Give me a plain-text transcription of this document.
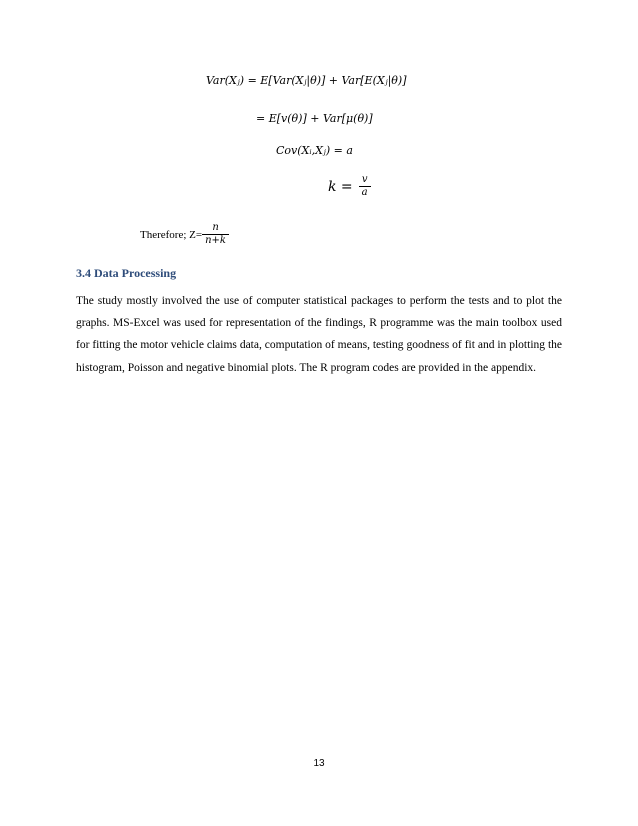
Var(Xⱼ) = E[Var(Xⱼ|θ)] + Var[E(Xⱼ|θ)]
= E[v(θ)] + Var[μ(θ)]
Cov(Xᵢ,Xⱼ) = a
$k = \frac{v}{a}$
Therefore; $Z= \frac{n}{n+k}$
3.4 Data Processing

The study mostly involved the use of computer statistical packages to perform the tests and to plot the graphs. MS-Excel was used for representation of the findings, R programme was the main toolbox used for fitting the motor vehicle claims data, computation of means, testing goodness of fit and in plotting the histogram, Poisson and negative binomial plots. The R program codes are provided in the appendix.

13
